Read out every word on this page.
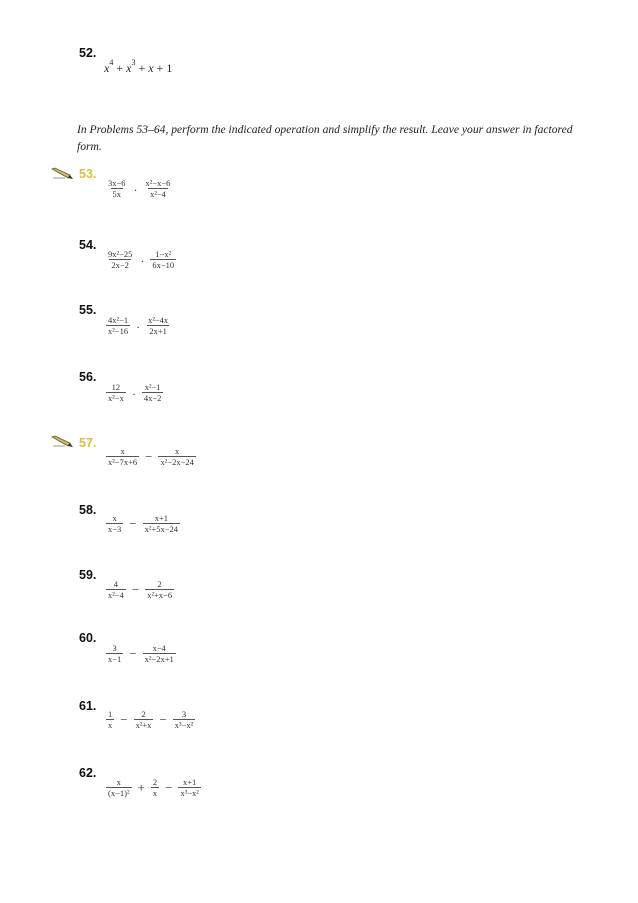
52.
$x^4 + x^3 + x + 1$
In Problems 53–64, perform the indicated operation and simplify the result. Leave your answer in factored form.
53.
$\frac{3x-6}{5x} \cdot \frac{\text{x²−x−6}}{\text{x²−4}}$
54.
$\frac{\text{9x²−25}}{2x-2} \cdot \frac{\text{1−x²}}{6x-10}$
55.
$\frac{\text{4x²−1}}{\text{x²−16}} \cdot \frac{\text{x²−4x}}{2x+1}$
56.
$\frac{12}{\text{x²−x}} \cdot \frac{\text{x²−1}}{4x-2}$
57.
$\frac{x}{\text{x²−7x+6}} - \frac{x}{\text{x²−2x−24}}$
58.
$\frac{x}{x-3} - \frac{x+1}{\text{x²+5x−24}}$
59.
$\frac{4}{\text{x²−4}} - \frac{2}{\text{x²+x−6}}$
60.
$\frac{3}{x-1} - \frac{x-4}{\text{x²−2x+1}}$
61.
$\frac{1}{x} - \frac{2}{\text{x²+x}} - \frac{3}{\text{x³−x²}}$
62.
$\frac{x}{\text{(x−1)²}} + \frac{2}{x} - \frac{x+1}{\text{x³−x²}}$
